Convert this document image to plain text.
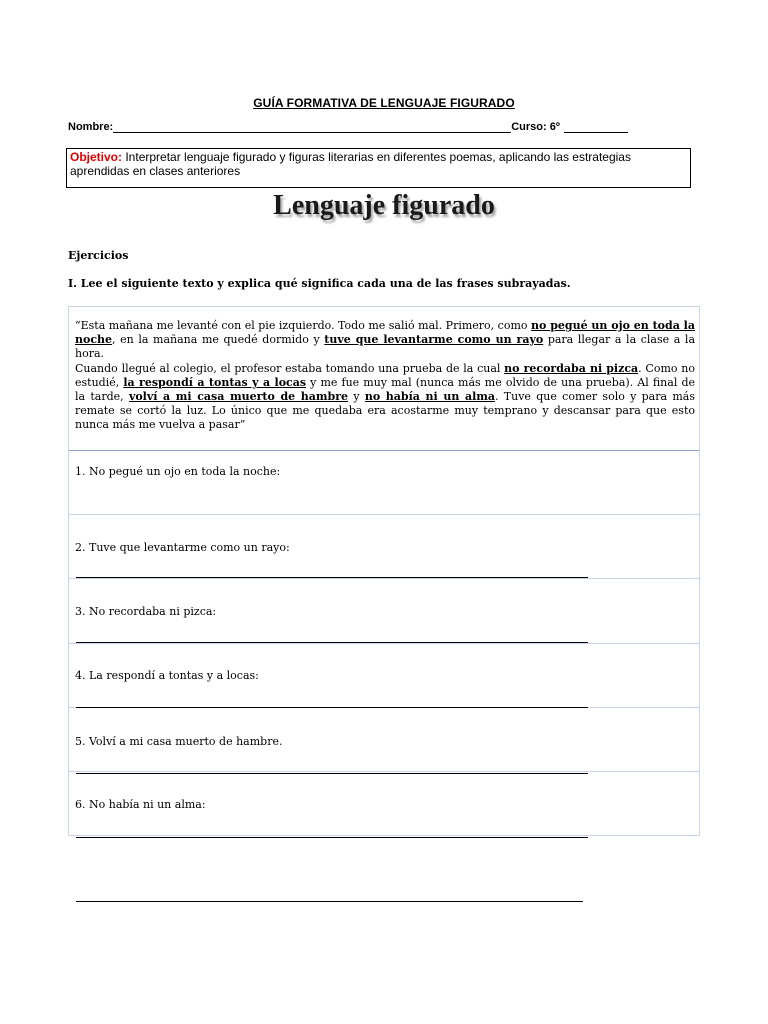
GUÍA FORMATIVA DE LENGUAJE FIGURADO
Nombre:	Curso: 6º
Objetivo: Interpretar lenguaje figurado y figuras literarias en diferentes poemas, aplicando las estrategias aprendidas en clases anteriores
Lenguaje figurado
Ejercicios
I. Lee el siguiente texto y explica qué significa cada una de las frases subrayadas.
“Esta mañana me levanté con el pie izquierdo. Todo me salió mal. Primero, como no pegué un ojo en toda la noche, en la mañana me quedé dormido y tuve que levantarme como un rayo para llegar a la clase a la hora.
Cuando llegué al colegio, el profesor estaba tomando una prueba de la cual no recordaba ni pizca. Como no estudié, la respondí a tontas y a locas y me fue muy mal (nunca más me olvido de una prueba). Al final de la tarde, volví a mi casa muerto de hambre y no había ni un alma. Tuve que comer solo y para más remate se cortó la luz. Lo único que me quedaba era acostarme muy temprano y descansar para que esto nunca más me vuelva a pasar”
1. No pegué un ojo en toda la noche:
2. Tuve que levantarme como un rayo:
3. No recordaba ni pizca:
4. La respondí a tontas y a locas:
5. Volví a mi casa muerto de hambre.
6. No había ni un alma:
